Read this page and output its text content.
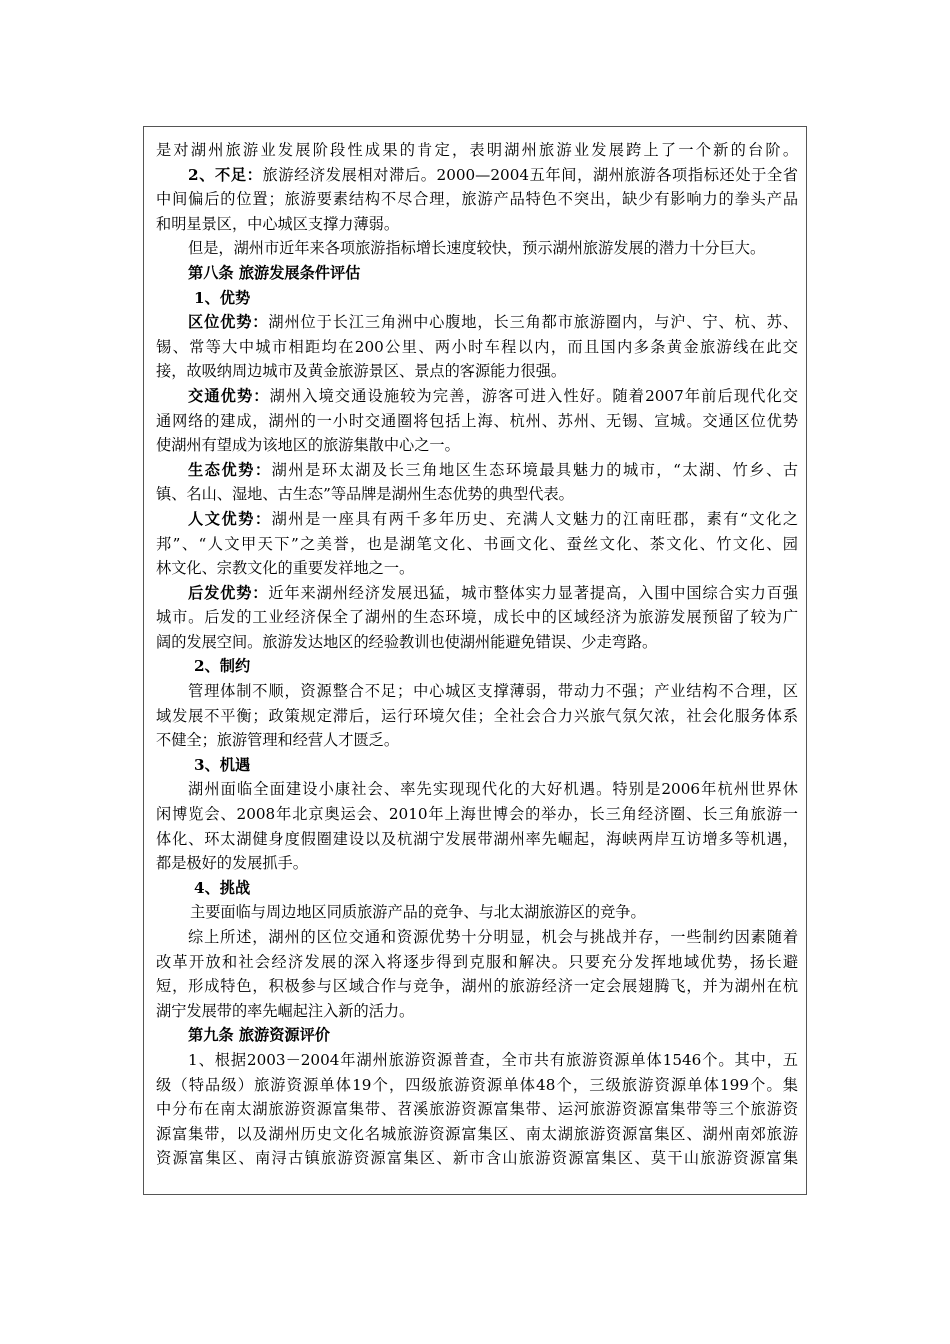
是对湖州旅游业发展阶段性成果的肯定，表明湖州旅游业发展跨上了一个新的台阶。
2、不足：旅游经济发展相对滞后。2000—2004五年间，湖州旅游各项指标还处于全省
中间偏后的位置；旅游要素结构不尽合理，旅游产品特色不突出，缺少有影响力的拳头产品
和明星景区，中心城区支撑力薄弱。
但是，湖州市近年来各项旅游指标增长速度较快，预示湖州旅游发展的潜力十分巨大。
第八条 旅游发展条件评估
1、优势
区位优势：湖州位于长江三角洲中心腹地，长三角都市旅游圈内，与沪、宁、杭、苏、
锡、常等大中城市相距均在200公里、两小时车程以内，而且国内多条黄金旅游线在此交
接，故吸纳周边城市及黄金旅游景区、景点的客源能力很强。
交通优势：湖州入境交通设施较为完善，游客可进入性好。随着2007年前后现代化交
通网络的建成，湖州的一小时交通圈将包括上海、杭州、苏州、无锡、宣城。交通区位优势
使湖州有望成为该地区的旅游集散中心之一。
生态优势：湖州是环太湖及长三角地区生态环境最具魅力的城市，“太湖、竹乡、古
镇、名山、湿地、古生态”等品牌是湖州生态优势的典型代表。
人文优势：湖州是一座具有两千多年历史、充满人文魅力的江南旺郡，素有“文化之
邦”、“人文甲天下”之美誉，也是湖笔文化、书画文化、蚕丝文化、茶文化、竹文化、园
林文化、宗教文化的重要发祥地之一。
后发优势：近年来湖州经济发展迅猛，城市整体实力显著提高，入围中国综合实力百强
城市。后发的工业经济保全了湖州的生态环境，成长中的区域经济为旅游发展预留了较为广
阔的发展空间。旅游发达地区的经验教训也使湖州能避免错误、少走弯路。
2、制约
管理体制不顺，资源整合不足；中心城区支撑薄弱，带动力不强；产业结构不合理，区
域发展不平衡；政策规定滞后，运行环境欠佳；全社会合力兴旅气氛欠浓，社会化服务体系
不健全；旅游管理和经营人才匮乏。
3、机遇
湖州面临全面建设小康社会、率先实现现代化的大好机遇。特别是2006年杭州世界休
闲博览会、2008年北京奥运会、2010年上海世博会的举办，长三角经济圈、长三角旅游一
体化、环太湖健身度假圈建设以及杭湖宁发展带湖州率先崛起，海峡两岸互访增多等机遇，
都是极好的发展抓手。
4、挑战
主要面临与周边地区同质旅游产品的竞争、与北太湖旅游区的竞争。
综上所述，湖州的区位交通和资源优势十分明显，机会与挑战并存，一些制约因素随着
改革开放和社会经济发展的深入将逐步得到克服和解决。只要充分发挥地域优势，扬长避
短，形成特色，积极参与区域合作与竞争，湖州的旅游经济一定会展翅腾飞，并为湖州在杭
湖宁发展带的率先崛起注入新的活力。
第九条 旅游资源评价
1、根据2003－2004年湖州旅游资源普查，全市共有旅游资源单体1546个。其中，五
级（特品级）旅游资源单体19个，四级旅游资源单体48个，三级旅游资源单体199个。集
中分布在南太湖旅游资源富集带、苕溪旅游资源富集带、运河旅游资源富集带等三个旅游资
源富集带，以及湖州历史文化名城旅游资源富集区、南太湖旅游资源富集区、湖州南郊旅游
资源富集区、南浔古镇旅游资源富集区、新市含山旅游资源富集区、莫干山旅游资源富集
